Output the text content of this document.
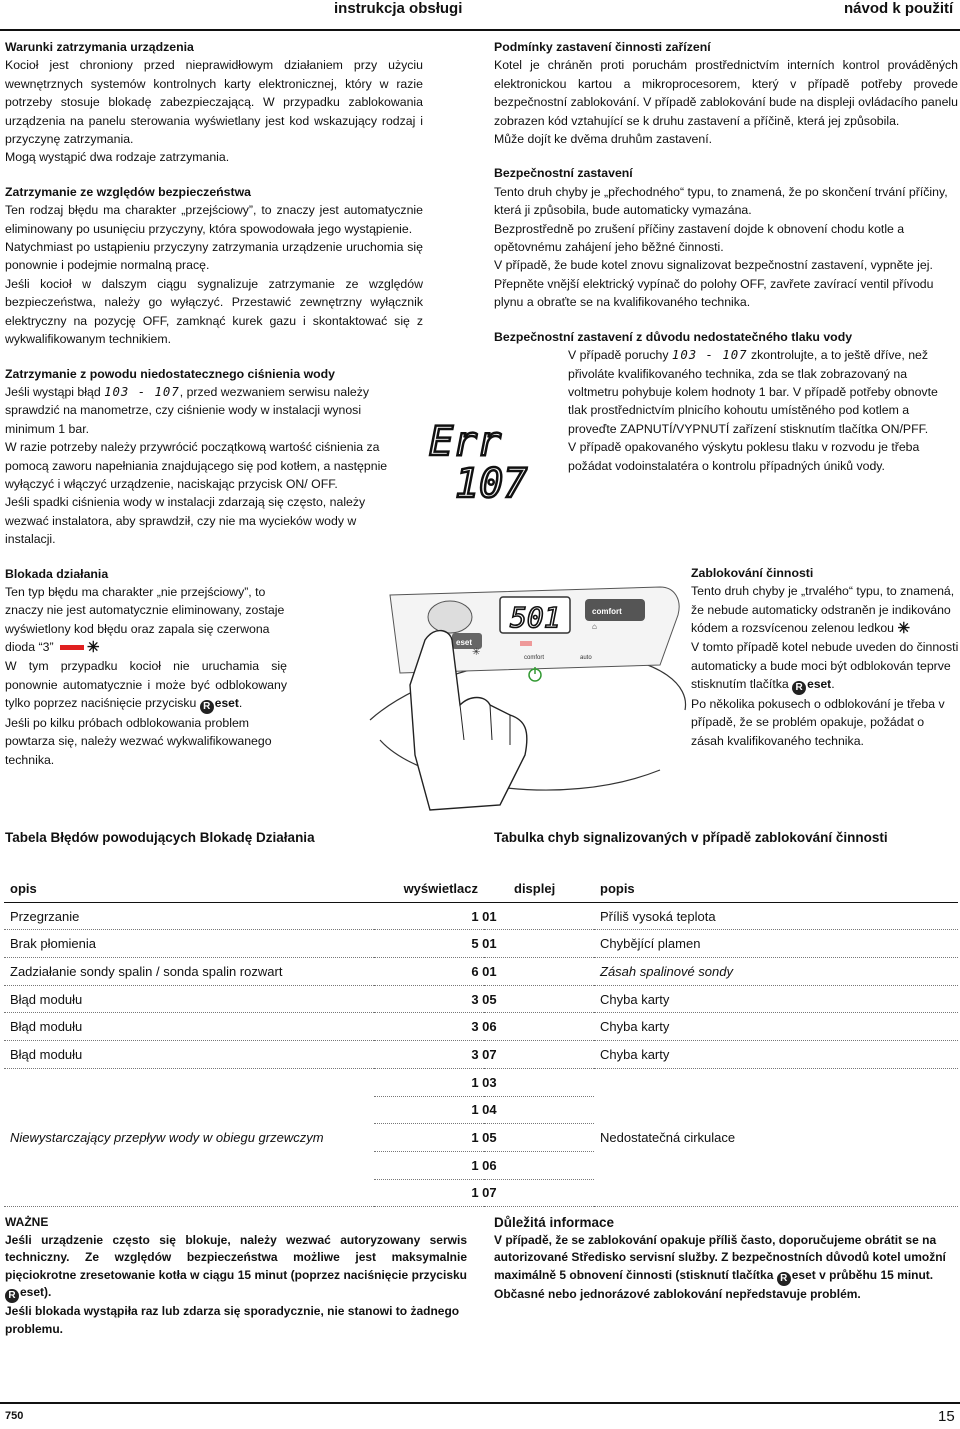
instrukcja obsługi	návod k použití
Warunki zatrzymania urządzenia

Kocioł jest chroniony przed nieprawidłowym działaniem przy użyciu wewnętrznych systemów kontrolnych karty elektronicznej, który w razie potrzeby stosuje blokadę zabezpieczającą. W przypadku zablokowania urządzenia na panelu sterowania wyświetlany jest kod wskazujący rodzaj i przyczynę zatrzymania.

Mogą wystąpić dwa rodzaje zatrzymania.

Zatrzymanie ze względów bezpieczeństwa

Ten rodzaj błędu ma charakter „przejściowy”, to znaczy jest automatycznie eliminowany po usunięciu przyczyny, która spowodowała jego wystąpienie.

Natychmiast po ustąpieniu przyczyny zatrzymania urządzenie uruchomia się ponownie i podejmie normalną pracę.

Jeśli kocioł w dalszym ciągu sygnalizuje zatrzymanie ze względów bezpieczeństwa, należy go wyłączyć. Przestawić zewnętrzny wyłącznik elektryczny na pozycję OFF, zamknąć kurek gazu i skontaktować się z wykwalifikowanym technikiem.

Zatrzymanie z powodu niedostatecznego ciśnienia wody

Jeśli wystąpi błąd 103 - 107, przed wezwaniem serwisu należy sprawdzić na manometrze, czy ciśnienie wody w instalacji wynosi minimum 1 bar.

W razie potrzeby należy przywrócić początkową wartość ciśnienia za pomocą zaworu napełniania znajdującego się pod kotłem, a następnie wyłączyć i włączyć urządzenie, naciskając przycisk ON/ OFF.

Jeśli spadki ciśnienia wody w instalacji zdarzają się często, należy wezwać instalatora, aby sprawdził, czy nie ma wycieków wody w instalacji.

Blokada działania

Ten typ błędu ma charakter „nie przejściowy”, to znaczy nie jest automatycznie eliminowany, zostaje wyświetlony kod błędu oraz zapala się czerwona dioda “3” ✳

W tym przypadku kocioł nie uruchamia się ponownie automatycznie i może być odblokowany tylko poprzez naciśnięcie przycisku R eset.

Jeśli po kilku próbach odblokowania problem powtarza się, należy wezwać wykwalifikowanego technika.

Podmínky zastavení činnosti zařízení

Kotel je chráněn proti poruchám prostřednictvím interních kontrol prováděných elektronickou kartou a mikroprocesorem, který v případě potřeby provede bezpečnostní zablokování. V případě zablokování bude na displeji ovládacího panelu zobrazen kód vztahující se k druhu zastavení a příčině, která jej způsobila.

Může dojít ke dvěma druhům zastavení.

Bezpečnostní zastavení

Tento druh chyby je „přechodného“ typu, to znamená, že po skončení trvání příčiny, která ji způsobila, bude automaticky vymazána.

Bezprostředně po zrušení příčiny zastavení dojde k obnovení chodu kotle a opětovnému zahájení jeho běžné činnosti.

V případě, že bude kotel znovu signalizovat bezpečnostní zastavení, vypněte jej. Přepněte vnější elektrický vypínač do polohy OFF, zavřete zavírací ventil přívodu plynu a obraťte se na kvalifikovaného technika.

Bezpečnostní zastavení z důvodu nedostatečného tlaku vody

V případě poruchy 103 - 107 zkontrolujte, a to ještě dříve, než přivoláte kvalifikovaného technika, zda se tlak zobrazovaný na voltmetru pohybuje kolem hodnoty 1 bar. V případě potřeby obnovte tlak prostřednictvím plnicího kohoutu umístěného pod kotlem a proveďte ZAPNUTÍ/VYPNUTÍ zařízení stisknutím tlačítka ON/PFF.

V případě opakovaného výskytu poklesu tlaku v rozvodu je třeba požádat vodoinstalatéra o kontrolu případných úniků vody.

Zablokování činnosti

Tento druh chyby je „trvalého“ typu, to znamená, že nebude automaticky odstraněn je indikováno kódem a rozsvícenou zelenou ledkou ✳

V tomto případě kotel nebude uveden do činnosti automaticky a bude moci být odblokován teprve stisknutím tlačítka R eset.

Po několika pokusech o odblokování je třeba v případě, že se problém opakuje, požádat o zásah kvalifikovaného technika.

Err
107
501	comfort
⌂
eset
✳	comfort	auto
Tabela Błędów powodujących Blokadę Działania	Tabulka chyb signalizovaných v případě zablokování činnosti
opis	wyświetlacz	displej	popis
Przegrzanie	1 01		Příliš vysoká teplota
Brak płomienia	5 01		Chybějící plamen
Zadziałanie sondy spalin / sonda spalin rozwart	6 01		Zásah spalinové sondy
Błąd modułu	3 05		Chyba karty
Błąd modułu	3 06		Chyba karty
Błąd modułu	3 07		Chyba karty
Niewystarczający przepływ wody w obiegu grzewczym	1 03		Nedostatečná cirkulace
	1 04		
	1 05		
	1 06		
	1 07		
WAŻNE
Jeśli urządzenie często się blokuje, należy wezwać autoryzowany serwis techniczny. Ze względów bezpieczeństwa możliwe jest maksymalnie pięciokrotne zresetowanie kotła w ciągu 15 minut (poprzez naciśnięcie przycisku R eset).
Jeśli blokada wystąpiła raz lub zdarza się sporadycznie, nie stanowi to żadnego problemu.
Důležitá informace
V případě, že se zablokování opakuje příliš často, doporučujeme obrátit se na autorizované Středisko servisní služby. Z bezpečnostních důvodů kotel umožní maximálně 5 obnovení činnosti (stisknutí tlačítka R eset v průběhu 15 minut.
Občasné nebo jednorázové zablokování nepředstavuje problém.
750	15
